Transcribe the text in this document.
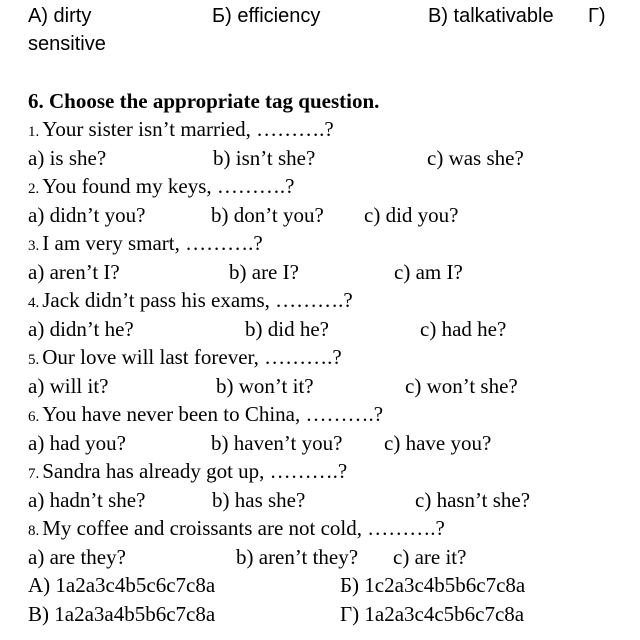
А) dirty	Б) efficiency	В) talkativable Г)
sensitive
6. Choose the appropriate tag question.
1. Your sister isn’t married, ……….?
a) is she?	b) isn’t she?	c) was she?
2. You found my keys, ……….?
a) didn’t you?	b) don’t you? c) did you?
3. I am very smart, ……….?
a) aren’t I?	b) are I?	c) am I?
4. Jack didn’t pass his exams, ……….?
a) didn’t he?	b) did he?	c) had he?
5. Our love will last forever, ……….?
a) will it?	b) won’t it?	c) won’t she?
6. You have never been to China, ……….?
a) had you?	b) haven’t you? c) have you?
7. Sandra has already got up, ……….?
a) hadn’t she?	b) has she?	c) hasn’t she?
8. My coffee and croissants are not cold, ……….?
a) are they?	b) aren’t they? c) are it?
А) 1a2a3c4b5c6c7c8a	Б) 1c2a3c4b5b6c7c8a
В) 1a2a3a4b5b6c7c8a	Г) 1a2a3c4c5b6c7c8a
